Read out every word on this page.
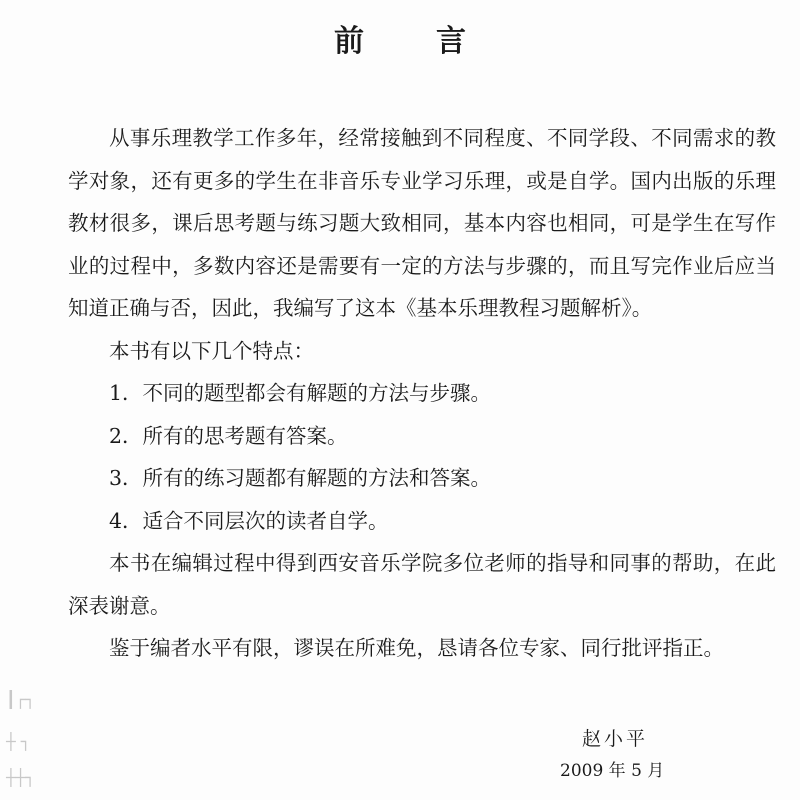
前言

从事乐理教学工作多年，经常接触到不同程度、不同学段、不同需求的教学对象，还有更多的学生在非音乐专业学习乐理，或是自学。国内出版的乐理教材很多，课后思考题与练习题大致相同，基本内容也相同，可是学生在写作业的过程中，多数内容还是需要有一定的方法与步骤的，而且写完作业后应当知道正确与否，因此，我编写了这本《基本乐理教程习题解析》。

本书有以下几个特点：

1．不同的题型都会有解题的方法与步骤。

2．所有的思考题有答案。

3．所有的练习题都有解题的方法和答案。

4．适合不同层次的读者自学。

本书在编辑过程中得到西安音乐学院多位老师的指导和同事的帮助，在此深表谢意。

鉴于编者水平有限，谬误在所难免，恳请各位专家、同行批评指正。

赵小平
2009 年 5 月
┃┌┐
┼ ┐
┼┼┐
